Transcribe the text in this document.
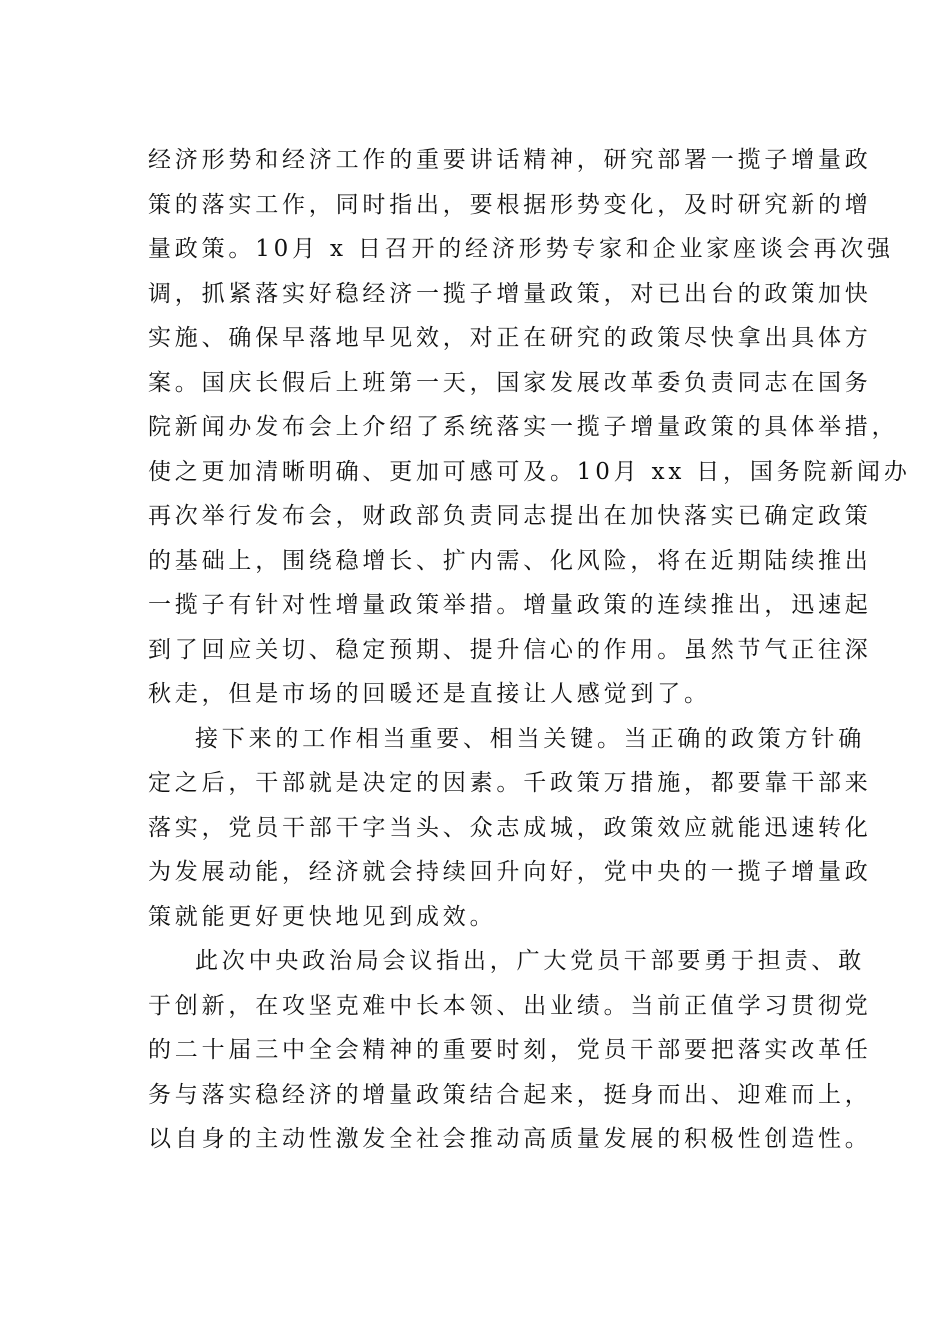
经济形势和经济工作的重要讲话精神，研究部署一揽子增量政
策的落实工作，同时指出，要根据形势变化，及时研究新的增
量政策。10月 x 日召开的经济形势专家和企业家座谈会再次强
调，抓紧落实好稳经济一揽子增量政策，对已出台的政策加快
实施、确保早落地早见效，对正在研究的政策尽快拿出具体方
案。国庆长假后上班第一天，国家发展改革委负责同志在国务
院新闻办发布会上介绍了系统落实一揽子增量政策的具体举措，
使之更加清晰明确、更加可感可及。10月 xx 日，国务院新闻办
再次举行发布会，财政部负责同志提出在加快落实已确定政策
的基础上，围绕稳增长、扩内需、化风险，将在近期陆续推出
一揽子有针对性增量政策举措。增量政策的连续推出，迅速起
到了回应关切、稳定预期、提升信心的作用。虽然节气正往深
秋走，但是市场的回暖还是直接让人感觉到了。
接下来的工作相当重要、相当关键。当正确的政策方针确
定之后，干部就是决定的因素。千政策万措施，都要靠干部来
落实，党员干部干字当头、众志成城，政策效应就能迅速转化
为发展动能，经济就会持续回升向好，党中央的一揽子增量政
策就能更好更快地见到成效。
此次中央政治局会议指出，广大党员干部要勇于担责、敢
于创新，在攻坚克难中长本领、出业绩。当前正值学习贯彻党
的二十届三中全会精神的重要时刻，党员干部要把落实改革任
务与落实稳经济的增量政策结合起来，挺身而出、迎难而上，
以自身的主动性激发全社会推动高质量发展的积极性创造性。
